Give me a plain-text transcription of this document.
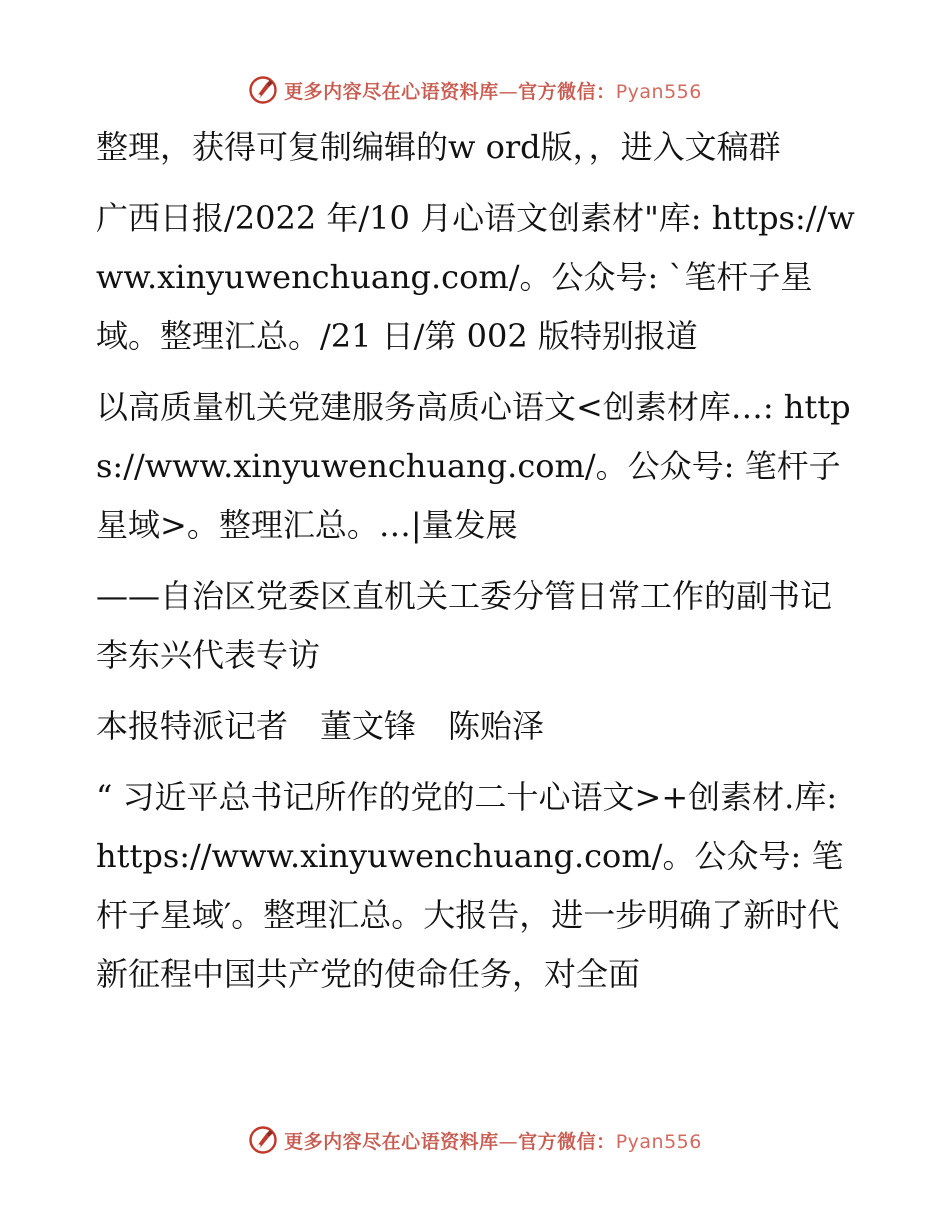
更多内容尽在心语资料库—官方微信：Pyan556

整理，获得可复制编辑的w ord版，，进入文稿群

广西日报/2022 年/10 月心语文创素材"库: https://www.xinyuwenchuang.com/。公众号: `笔杆子星域。整理汇总。/21 日/第 002 版特别报道

以高质量机关党建服务高质心语文<创素材库…: https://www.xinyuwenchuang.com/。公众号: 笔杆子星域>。整理汇总。…|量发展

——自治区党委区直机关工委分管日常工作的副书记李东兴代表专访

本报特派记者　董文锋　陈贻泽

“ 习近平总书记所作的党的二十心语文>+创素材.库: https://www.xinyuwenchuang.com/。公众号: 笔杆子星域′。整理汇总。大报告，进一步明确了新时代新征程中国共产党的使命任务，对全面

更多内容尽在心语资料库—官方微信：Pyan556
